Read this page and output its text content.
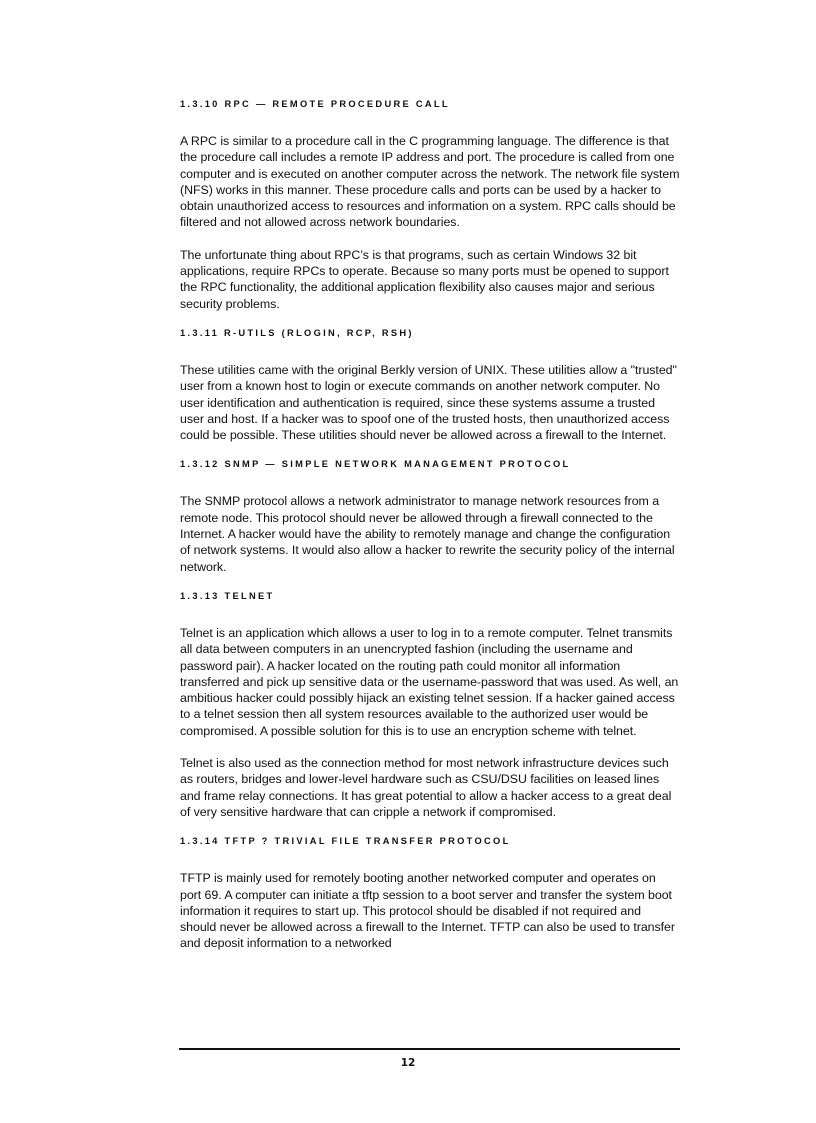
1.3.10 RPC — REMOTE PROCEDURE CALL

A RPC is similar to a procedure call in the C programming language. The difference is that the procedure call includes a remote IP address and port. The procedure is called from one computer and is executed on another computer across the network. The network file system (NFS) works in this manner. These procedure calls and ports can be used by a hacker to obtain unauthorized access to resources and information on a system. RPC calls should be filtered and not allowed across network boundaries.

The unfortunate thing about RPC’s is that programs, such as certain Windows 32 bit applications, require RPCs to operate. Because so many ports must be opened to support the RPC functionality, the additional application flexibility also causes major and serious security problems.

1.3.11 R-UTILS (RLOGIN, RCP, RSH)

These utilities came with the original Berkly version of UNIX. These utilities allow a "trusted" user from a known host to login or execute commands on another network computer. No user identification and authentication is required, since these systems assume a trusted user and host. If a hacker was to spoof one of the trusted hosts, then unauthorized access could be possible. These utilities should never be allowed across a firewall to the Internet.

1.3.12 SNMP — SIMPLE NETWORK MANAGEMENT PROTOCOL

The SNMP protocol allows a network administrator to manage network resources from a remote node. This protocol should never be allowed through a firewall connected to the Internet. A hacker would have the ability to remotely manage and change the configuration of network systems. It would also allow a hacker to rewrite the security policy of the internal network.

1.3.13 TELNET

Telnet is an application which allows a user to log in to a remote computer. Telnet transmits all data between computers in an unencrypted fashion (including the username and password pair). A hacker located on the routing path could monitor all information transferred and pick up sensitive data or the username-password that was used. As well, an ambitious hacker could possibly hijack an existing telnet session. If a hacker gained access to a telnet session then all system resources available to the authorized user would be compromised. A possible solution for this is to use an encryption scheme with telnet.

Telnet is also used as the connection method for most network infrastructure devices such as routers, bridges and lower-level hardware such as CSU/DSU facilities on leased lines and frame relay connections. It has great potential to allow a hacker access to a great deal of very sensitive hardware that can cripple a network if compromised.

1.3.14 TFTP ? TRIVIAL FILE TRANSFER PROTOCOL

TFTP is mainly used for remotely booting another networked computer and operates on port 69. A computer can initiate a tftp session to a boot server and transfer the system boot information it requires to start up. This protocol should be disabled if not required and should never be allowed across a firewall to the Internet. TFTP can also be used to transfer and deposit information to a networked

12
